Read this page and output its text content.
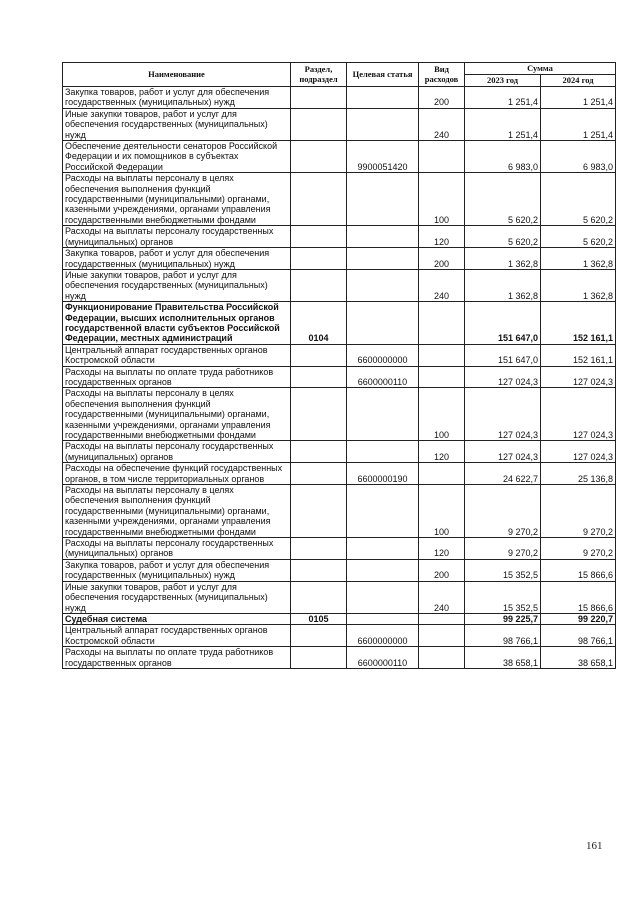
Наименование	Раздел, подраздел	Целевая статья	Вид расходов	Сумма	
				2023 год	2024 год
Закупка товаров, работ и услуг для обеспечения государственных (муниципальных) нужд			200	1 251,4	1 251,4
Иные закупки товаров, работ и услуг для обеспечения государственных (муниципальных) нужд			240	1 251,4	1 251,4
Обеспечение деятельности сенаторов Российской Федерации и их помощников в субъектах Российской Федерации		9900051420		6 983,0	6 983,0
Расходы на выплаты персоналу в целях обеспечения выполнения функций государственными (муниципальными) органами, казенными учреждениями, органами управления государственными внебюджетными фондами			100	5 620,2	5 620,2
Расходы на выплаты персоналу государственных (муниципальных) органов			120	5 620,2	5 620,2
Закупка товаров, работ и услуг для обеспечения государственных (муниципальных) нужд			200	1 362,8	1 362,8
Иные закупки товаров, работ и услуг для обеспечения государственных (муниципальных) нужд			240	1 362,8	1 362,8
Функционирование Правительства Российской Федерации, высших исполнительных органов государственной власти субъектов Российской Федерации, местных администраций	0104			151 647,0	152 161,1
Центральный аппарат государственных органов Костромской области		6600000000		151 647,0	152 161,1
Расходы на выплаты по оплате труда работников государственных органов		6600000110		127 024,3	127 024,3
Расходы на выплаты персоналу в целях обеспечения выполнения функций государственными (муниципальными) органами, казенными учреждениями, органами управления государственными внебюджетными фондами			100	127 024,3	127 024,3
Расходы на выплаты персоналу государственных (муниципальных) органов			120	127 024,3	127 024,3
Расходы на обеспечение функций государственных органов, в том числе территориальных органов		6600000190		24 622,7	25 136,8
Расходы на выплаты персоналу в целях обеспечения выполнения функций государственными (муниципальными) органами, казенными учреждениями, органами управления государственными внебюджетными фондами			100	9 270,2	9 270,2
Расходы на выплаты персоналу государственных (муниципальных) органов			120	9 270,2	9 270,2
Закупка товаров, работ и услуг для обеспечения государственных (муниципальных) нужд			200	15 352,5	15 866,6
Иные закупки товаров, работ и услуг для обеспечения государственных (муниципальных) нужд			240	15 352,5	15 866,6
Судебная система	0105			99 225,7	99 220,7
Центральный аппарат государственных органов Костромской области		6600000000		98 766,1	98 766,1
Расходы на выплаты по оплате труда работников государственных органов		6600000110		38 658,1	38 658,1
161
